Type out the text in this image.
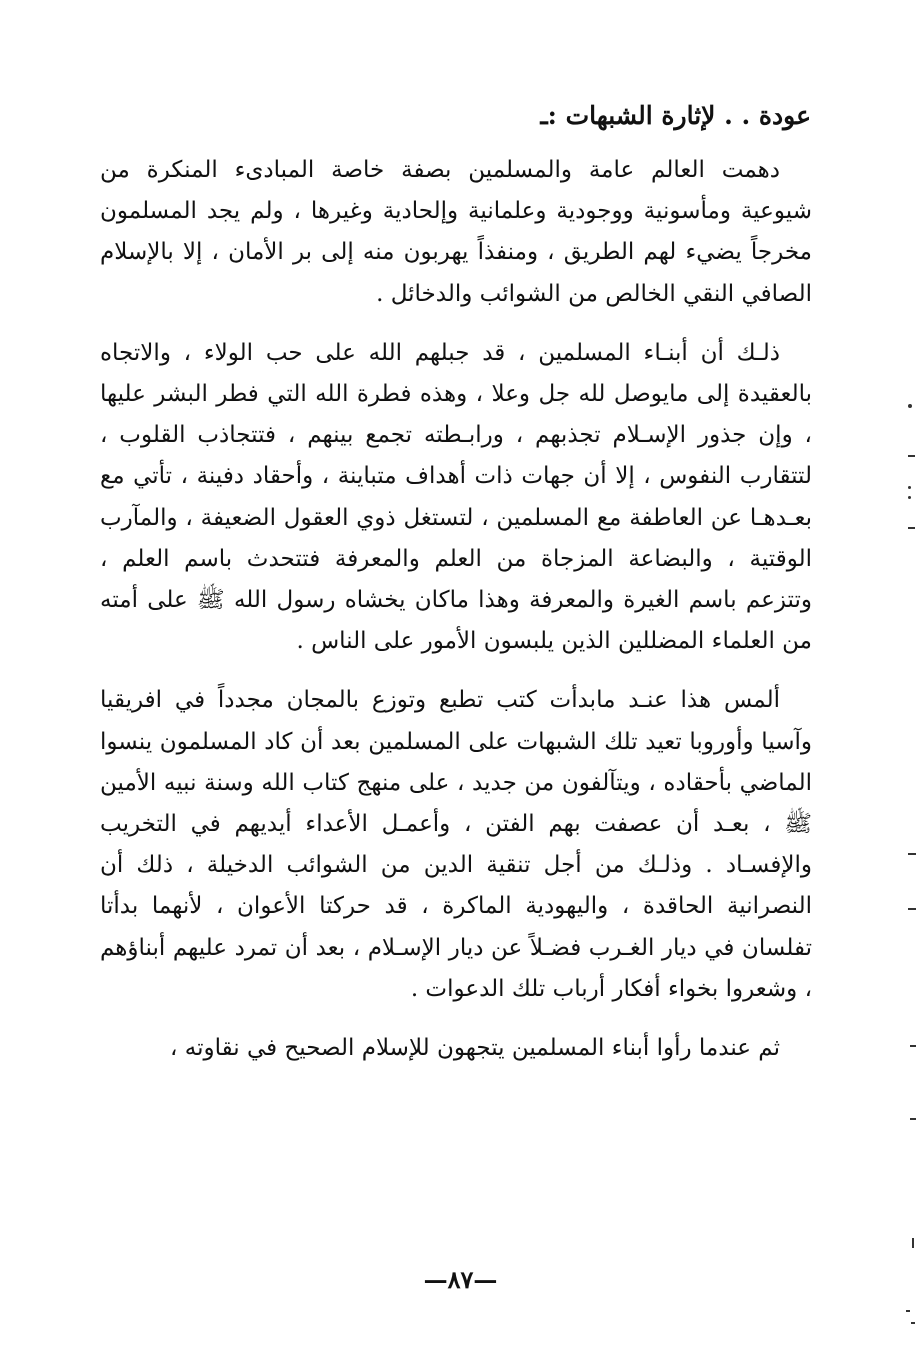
عودة . . لإثارة الشبهات :ـ

دهمت العالم عامة والمسلمين بصفة خاصة المبادىء المنكرة من شيوعية ومأسونية ووجودية وعلمانية وإلحادية وغيرها ، ولم يجد المسلمون مخرجاً يضيء لهم الطريق ، ومنفذاً يهربون منه إلى بر الأمان ، إلا بالإسلام الصافي النقي الخالص من الشوائب والدخائل .

ذلـك أن أبنـاء المسلمين ، قد جبلهم الله على حب الولاء ، والاتجاه بالعقيدة إلى مايوصل لله جل وعلا ، وهذه فطرة الله التي فطر البشر عليها ، وإن جذور الإسـلام تجذبهم ، ورابـطته تجمع بينهم ، فتتجاذب القلوب ، لتتقارب النفوس ، إلا أن جهات ذات أهداف متباينة ، وأحقاد دفينة ، تأتي مع بعـدهـا عن العاطفة مع المسلمين ، لتستغل ذوي العقول الضعيفة ، والمآرب الوقتية ، والبضاعة المزجاة من العلم والمعرفة فتتحدث باسم العلم ، وتتزعم باسم الغيرة والمعرفة وهذا ماكان يخشاه رسول الله ﷺ على أمته من العلماء المضللين الذين يلبسون الأمور على الناس .

ألمس هذا عنـد مابدأت كتب تطبع وتوزع بالمجان مجدداً في افريقيا وآسيا وأوروبا تعيد تلك الشبهات على المسلمين بعد أن كاد المسلمون ينسوا الماضي بأحقاده ، ويتآلفون من جديد ، على منهج كتاب الله وسنة نبيه الأمين ﷺ ، بعـد أن عصفت بهم الفتن ، وأعمـل الأعداء أيديهم في التخريب والإفسـاد . وذلـك من أجل تنقية الدين من الشوائب الدخيلة ، ذلك أن النصرانية الحاقدة ، واليهودية الماكرة ، قد حركتا الأعوان ، لأنهما بدأتا تفلسان في ديار الغـرب فضـلاً عن ديار الإسـلام ، بعد أن تمرد عليهم أبناؤهم ، وشعروا بخواء أفكار أرباب تلك الدعوات .

ثم عندما رأوا أبناء المسلمين يتجهون للإسلام الصحيح في نقاوته ،

—٨٧—
